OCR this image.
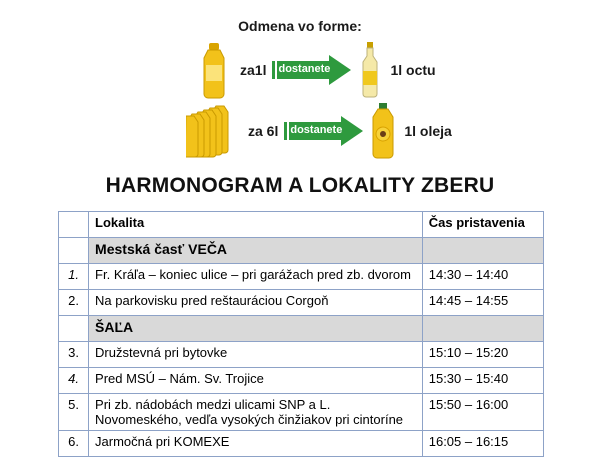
Odmena vo forme:
za1l dostanete	1l octu
za 6l dostanete	1l oleja
HARMONOGRAM A LOKALITY ZBERU
	Lokalita	Čas pristavenia
	Mestská časť VEČA	
1.	Fr. Kráľa – koniec ulice – pri garážach pred zb. dvorom	14:30 – 14:40
2.	Na parkovisku pred reštauráciou Corgoň	14:45 – 14:55
	ŠAĽA	
3.	Družstevná pri bytovke	15:10 – 15:20
4.	Pred MSÚ – Nám. Sv. Trojice	15:30 – 15:40
5.	Pri zb. nádobách medzi ulicami SNP a L. Novomeského, vedľa vysokých činžiakov pri cintoríne	15:50 – 16:00
6.	Jarmočná pri KOMEXE	16:05 – 16:15
